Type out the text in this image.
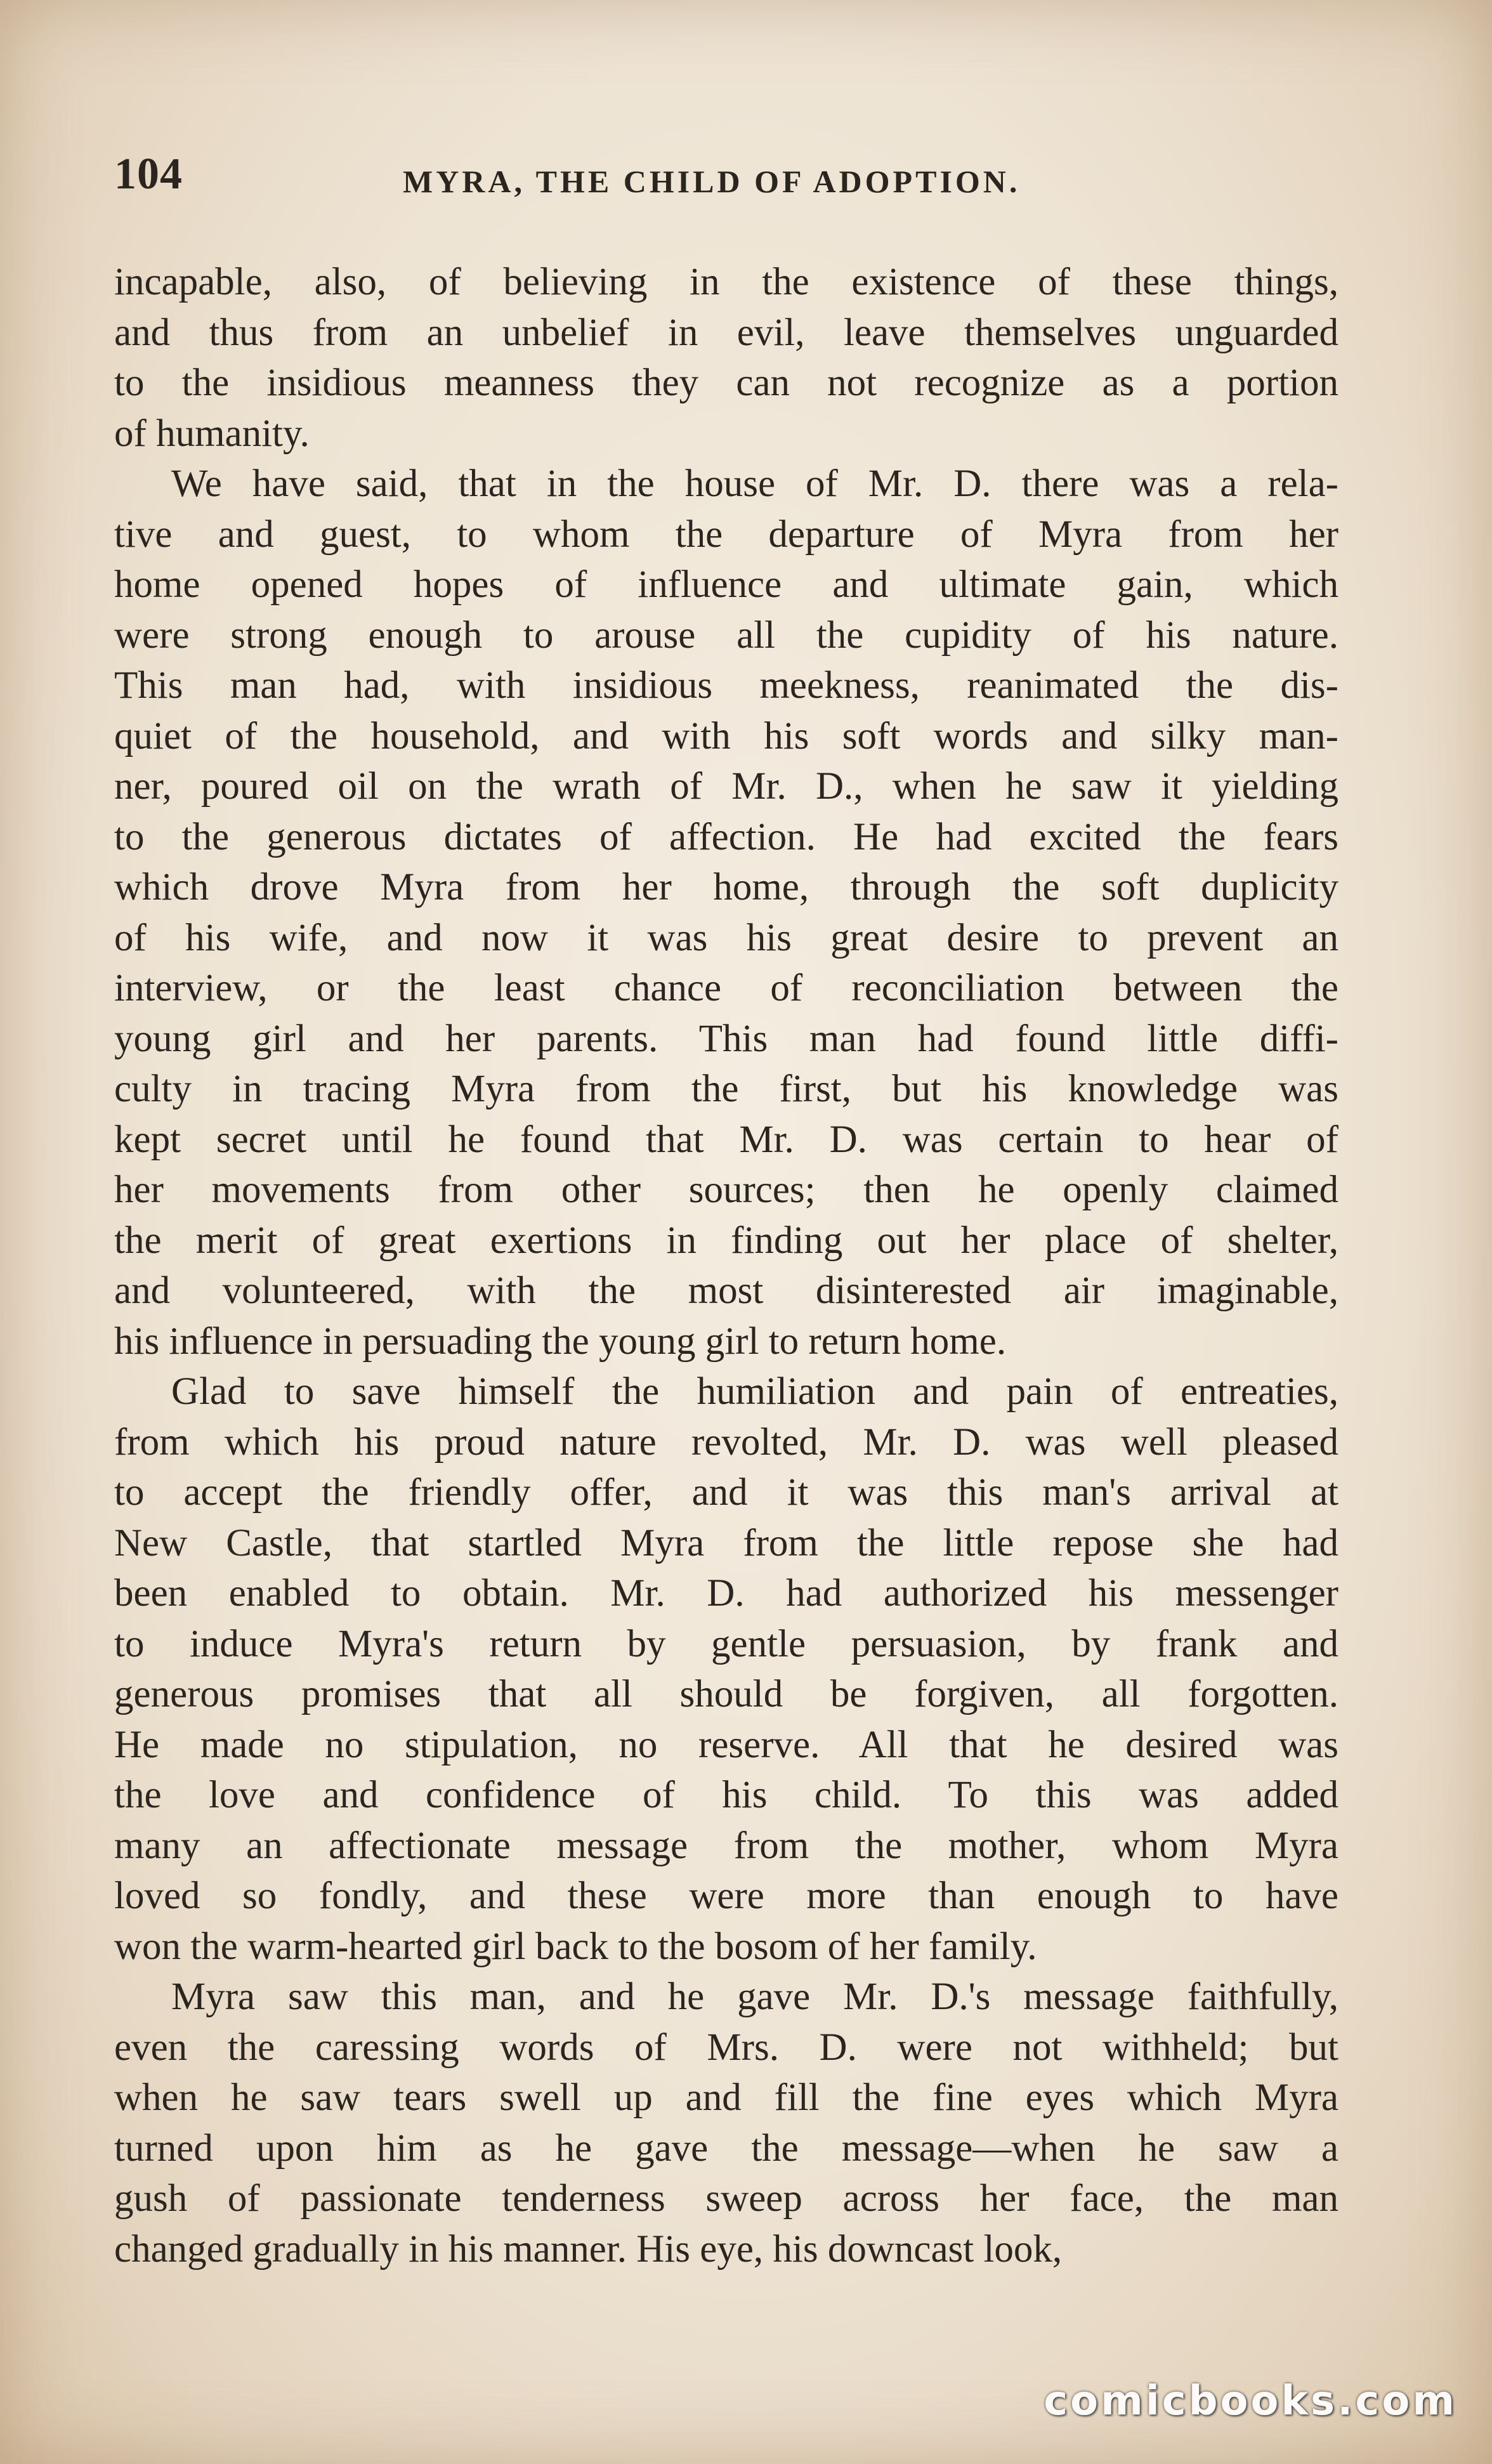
104	MYRA, THE CHILD OF ADOPTION.

incapable, also, of believing in the existence of these things,

and thus from an unbelief in evil, leave themselves unguarded

to the insidious meanness they can not recognize as a portion

of humanity.

We have said, that in the house of Mr. D. there was a rela-

tive and guest, to whom the departure of Myra from her

home opened hopes of influence and ultimate gain, which

were strong enough to arouse all the cupidity of his nature.

This man had, with insidious meekness, reanimated the dis-

quiet of the household, and with his soft words and silky man-

ner, poured oil on the wrath of Mr. D., when he saw it yielding

to the generous dictates of affection. He had excited the fears

which drove Myra from her home, through the soft duplicity

of his wife, and now it was his great desire to prevent an

interview, or the least chance of reconciliation between the

young girl and her parents. This man had found little diffi-

culty in tracing Myra from the first, but his knowledge was

kept secret until he found that Mr. D. was certain to hear of

her movements from other sources; then he openly claimed

the merit of great exertions in finding out her place of shelter,

and volunteered, with the most disinterested air imaginable,

his influence in persuading the young girl to return home.

Glad to save himself the humiliation and pain of entreaties,

from which his proud nature revolted, Mr. D. was well pleased

to accept the friendly offer, and it was this man's arrival at

New Castle, that startled Myra from the little repose she had

been enabled to obtain. Mr. D. had authorized his messenger

to induce Myra's return by gentle persuasion, by frank and

generous promises that all should be forgiven, all forgotten.

He made no stipulation, no reserve. All that he desired was

the love and confidence of his child. To this was added

many an affectionate message from the mother, whom Myra

loved so fondly, and these were more than enough to have

won the warm-hearted girl back to the bosom of her family.

Myra saw this man, and he gave Mr. D.'s message faithfully,

even the caressing words of Mrs. D. were not withheld; but

when he saw tears swell up and fill the fine eyes which Myra

turned upon him as he gave the message—when he saw a

gush of passionate tenderness sweep across her face, the man

changed gradually in his manner. His eye, his downcast look,

comicbooks.com
